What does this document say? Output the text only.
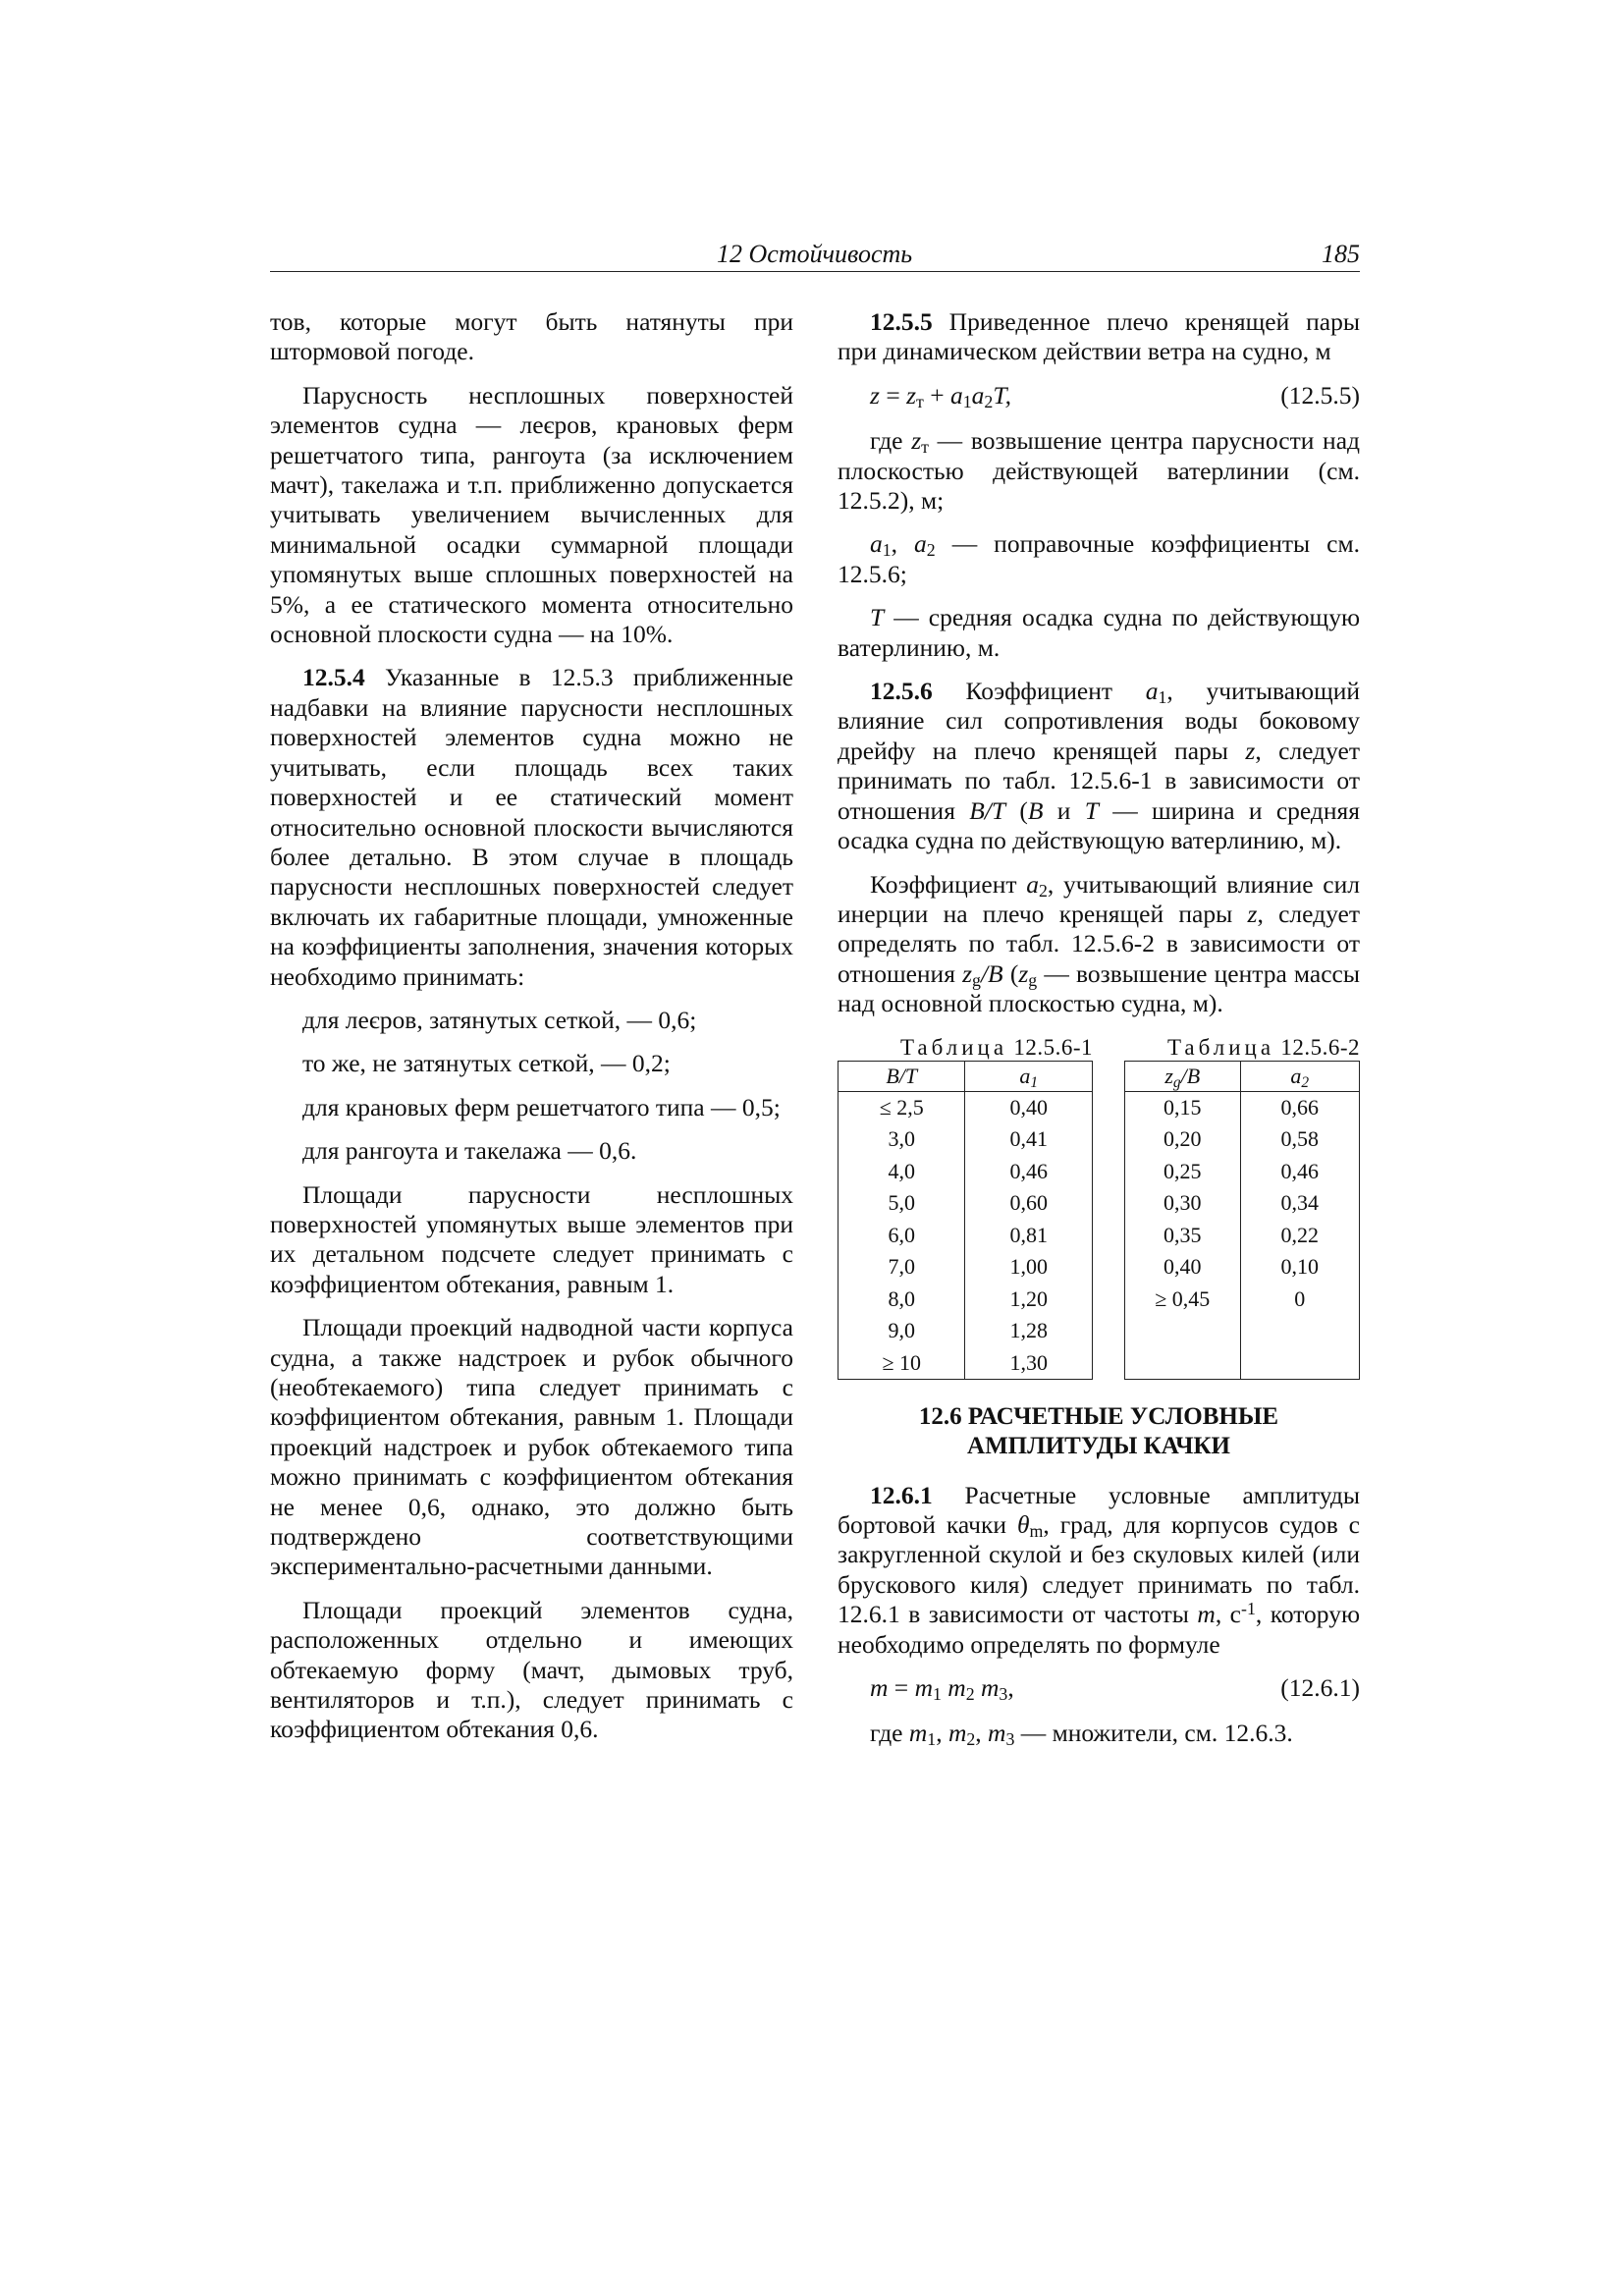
12 Остойчивость	185

тов, которые могут быть натянуты при штормовой погоде.

Парусность несплошных поверхностей элементов судна — леєров, крановых ферм решетчатого типа, рангоута (за исключением мачт), такелажа и т.п. приближенно допускается учитывать увеличением вычисленных для минимальной осадки суммарной площади упомянутых выше сплошных поверхностей на 5%, а ее статического момента относительно основной плоскости судна — на 10%.

12.5.4 Указанные в 12.5.3 приближенные надбавки на влияние парусности несплошных поверхностей элементов судна можно не учитывать, если площадь всех таких поверхностей и ее статический момент относительно основной плоскости вычисляются более детально. В этом случае в площадь парусности несплошных поверхностей следует включать их габаритные площади, умноженные на коэффициенты заполнения, значения которых необходимо принимать:

для леєров, затянутых сеткой, — 0,6;

то же, не затянутых сеткой, — 0,2;

для крановых ферм решетчатого типа — 0,5;

для рангоута и такелажа — 0,6.

Площади парусности несплошных поверхностей упомянутых выше элементов при их детальном подсчете следует принимать с коэффициентом обтекания, равным 1.

Площади проекций надводной части корпуса судна, а также надстроек и рубок обычного (необтекаемого) типа следует принимать с коэффициентом обтекания, равным 1. Площади проекций надстроек и рубок обтекаемого типа можно принимать с коэффициентом обтекания не менее 0,6, однако, это должно быть подтверждено соответствующими экспериментально-расчетными данными.

Площади проекций элементов судна, расположенных отдельно и имеющих обтекаемую форму (мачт, дымовых труб, вентиляторов и т.п.), следует принимать с коэффициентом обтекания 0,6.

12.5.5 Приведенное плечо кренящей пары при динамическом действии ветра на судно, м

$z = z_т + a_1a_2T$,	(12.5.5)

где $z_т$ — возвышение центра парусности над плоскостью действующей ватерлинии (см. 12.5.2), м;

$a_1$, $a_2$ — поправочные коэффициенты см. 12.5.6;

T — средняя осадка судна по действующую ватерлинию, м.

12.5.6 Коэффициент $a_1$, учитывающий влияние сил сопротивления воды боковому дрейфу на плечо кренящей пары z, следует принимать по табл. 12.5.6-1 в зависимости от отношения B/T (B и T — ширина и средняя осадка судна по действующую ватерлинию, м).

Коэффициент $a_2$, учитывающий влияние сил инерции на плечо кренящей пары z, следует определять по табл. 12.5.6-2 в зависимости от отношения $z_g/B$ ($z_g$ — возвышение центра массы над основной плоскостью судна, м).

Таблица 12.5.6-1
B/T	$a_1$
≤ 2,5	0,40
3,0	0,41
4,0	0,46
5,0	0,60
6,0	0,81
7,0	1,00
8,0	1,20
9,0	1,28
≥ 10	1,30
Таблица 12.5.6-2
$z_g/B$	$a_2$
0,15	0,66
0,20	0,58
0,25	0,46
0,30	0,34
0,35	0,22
0,40	0,10
≥ 0,45	0

12.6 РАСЧЕТНЫЕ УСЛОВНЫЕ
АМПЛИТУДЫ КАЧКИ

12.6.1 Расчетные условные амплитуды бортовой качки $\theta_m$, град, для корпусов судов с закругленной скулой и без скуловых килей (или брускового киля) следует принимать по табл. 12.6.1 в зависимости от частоты m, $с^{-1}$, которую необходимо определять по формуле

$m = m_1$ $m_2$ $m_3$,	(12.6.1)

где $m_1$, $m_2$, $m_3$ — множители, см. 12.6.3.
